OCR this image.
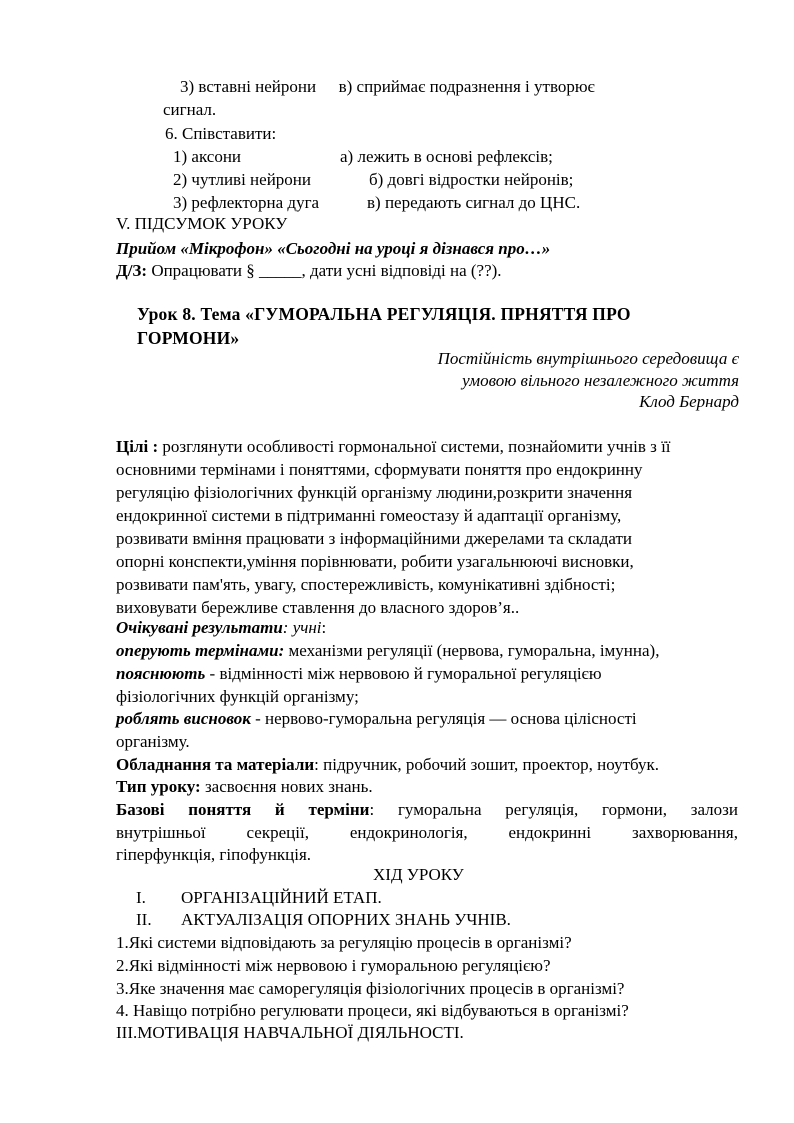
3) вставні нейрони в) сприймає подразнення і утворює
сигнал.
6. Співставити:
1) аксони	а) лежить в основі рефлексів;
2) чутливі нейрони	б) довгі відростки нейронів;
3) рефлекторна дуга	в) передають сигнал до ЦНС.
V. ПІДСУМОК УРОКУ
Прийом «Мікрофон» «Сьогодні на уроці я дізнався про…»
Д/З: Опрацювати § _____, дати усні відповіді на (??).
Урок 8. Тема «ГУМОРАЛЬНА РЕГУЛЯЦІЯ. ПРНЯТТЯ ПРО
ГОРМОНИ»
Постійність внутрішнього середовища є
умовою вільного незалежного життя
Клод Бернард
Цілі : розглянути особливості гормональної системи, познайомити учнів з її
основними термінами і поняттями, сформувати поняття про ендокринну
регуляцію фізіологічних функцій організму людини,розкрити значення
ендокринної системи в підтриманні гомеостазу й адаптації організму,
розвивати вміння працювати з інформаційними джерелами та складати
опорні конспекти,уміння порівнювати, робити узагальнюючі висновки,
розвивати пам'ять, увагу, спостережливість, комунікативні здібності;
виховувати бережливе ставлення до власного здоров’я..
Очікувані результати: учні:
оперують термінами: механізми регуляції (нервова, гуморальна, імунна),
пояснюють - відмінності між нервовою й гуморальної регуляцією
фізіологічних функцій організму;
роблять висновок - нервово-гуморальна регуляція — основа цілісності
організму.
Обладнання та матеріали: підручник, робочий зошит, проектор, ноутбук.
Тип уроку: засвоєння нових знань.
Базові поняття й терміни: гуморальна регуляція, гормони, залози
внутрішньої секреції, ендокринологія, ендокринні захворювання,
гіперфункція, гіпофункція.
ХІД УРОКУ
I. ОРГАНІЗАЦІЙНИЙ ЕТАП.
II. АКТУАЛІЗАЦІЯ ОПОРНИХ ЗНАНЬ УЧНІВ.
1.Які системи відповідають за регуляцію процесів в організмі?
2.Які відмінності між нервовою і гуморальною регуляцією?
3.Яке значення має саморегуляція фізіологічних процесів в організмі?
4. Навіщо потрібно регулювати процеси, які відбуваються в організмі?
ІІІ.МОТИВАЦІЯ НАВЧАЛЬНОЇ ДІЯЛЬНОСТІ.
